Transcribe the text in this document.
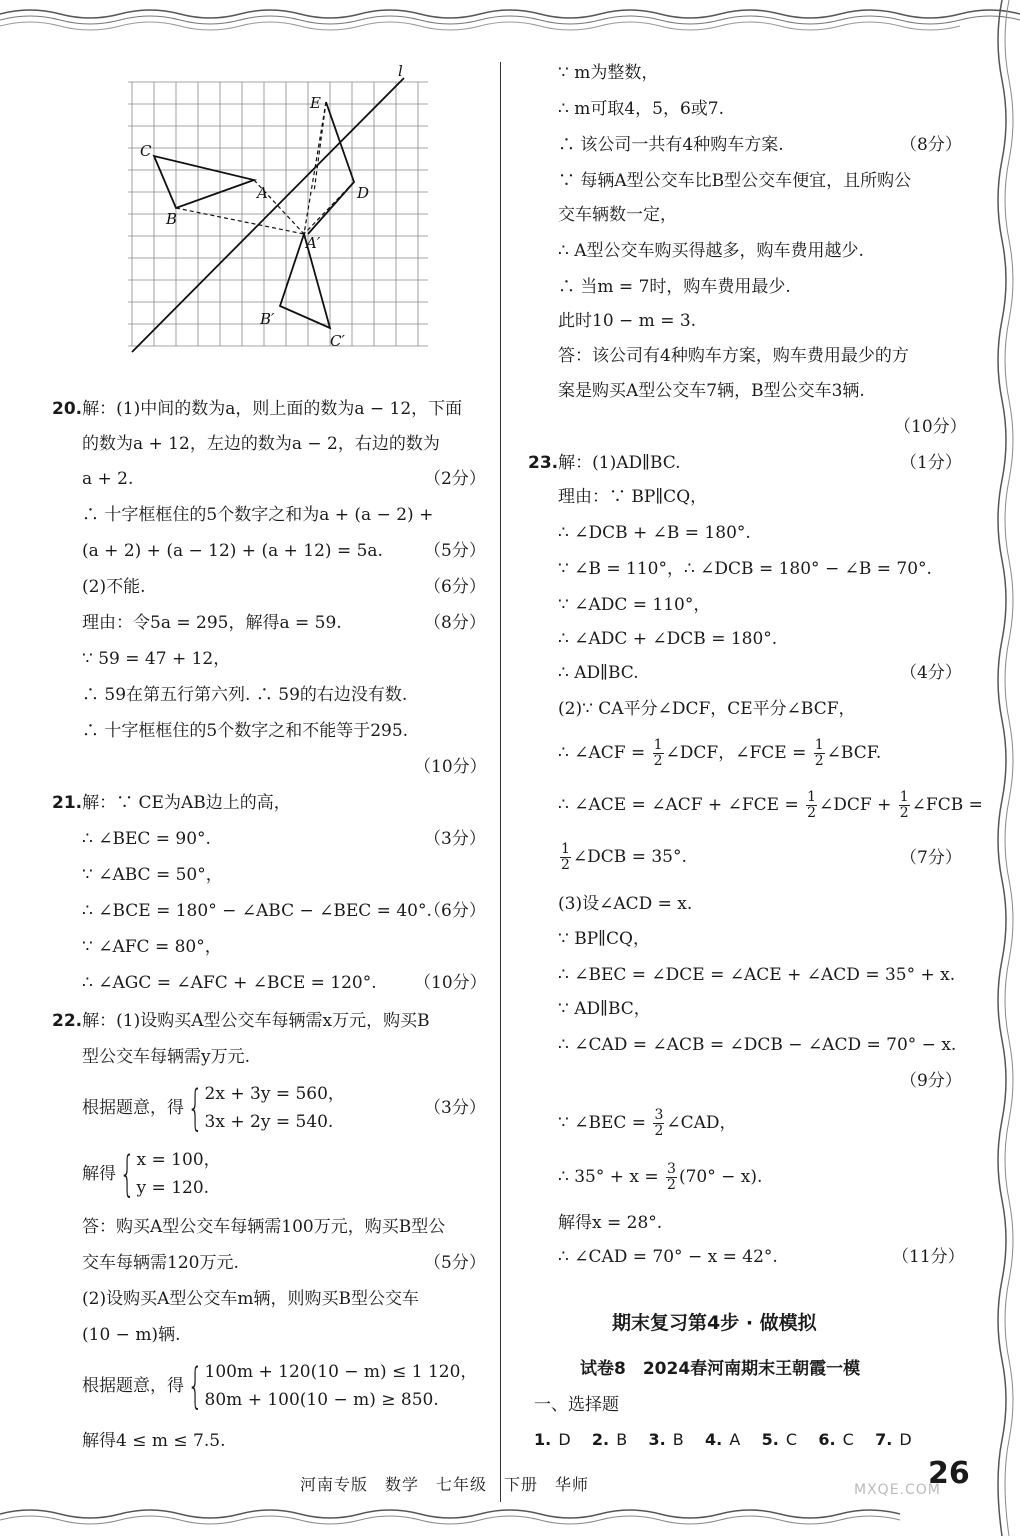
l
E
C
A	D
B
A′
B′
C′
20.解：(1)中间的数为a，则上面的数为a − 12，下面
的数为a + 12，左边的数为a − 2，右边的数为
a + 2.	（2分）
∴ 十字框框住的5个数字之和为a + (a − 2) +
(a + 2) + (a − 12) + (a + 12) = 5a. （5分）
(2)不能.	（6分）
理由：令5a = 295，解得a = 59.	（8分）
∵ 59 = 47 + 12，
∴ 59在第五行第六列. ∴ 59的右边没有数.
∴ 十字框框住的5个数字之和不能等于295.
（10分）
21.解：∵ CE为AB边上的高，
∴ ∠BEC = 90°.	（3分）
∵ ∠ABC = 50°，
∴ ∠BCE = 180° − ∠ABC − ∠BEC = 40°.
（6分）
∵ ∠AFC = 80°，
∴ ∠AGC = ∠AFC + ∠BCE = 120°. （10分）
22.解：(1)设购买A型公交车每辆需x万元，购买B
型公交车每辆需y万元.
根据题意，得{2x + 3y = 560，
3x + 2y = 540.
（3分）
解得{x = 100，
y = 120.
答：购买A型公交车每辆需100万元，购买B型公
交车每辆需120万元.	（5分）
(2)设购买A型公交车m辆，则购买B型公交车
(10 − m)辆.
根据题意，得{100m + 120(10 − m) ≤ 1 120，
80m + 100(10 − m) ≥ 850.
解得4 ≤ m ≤ 7.5.
∵ m为整数，
∴ m可取4，5，6或7.
∴ 该公司一共有4种购车方案.	（8分）
∵ 每辆A型公交车比B型公交车便宜，且所购公
交车辆数一定，
∴ A型公交车购买得越多，购车费用越少.
∴ 当m = 7时，购车费用最少.
此时10 − m = 3.
答：该公司有4种购车方案，购车费用最少的方
案是购买A型公交车7辆，B型公交车3辆.
（10分）
23.解：(1)AD∥BC.	（1分）
理由：∵ BP∥CQ，
∴ ∠DCB + ∠B = 180°.
∵ ∠B = 110°，∴ ∠DCB = 180° − ∠B = 70°.
∵ ∠ADC = 110°，
∴ ∠ADC + ∠DCB = 180°.
∴ AD∥BC.	（4分）
(2)∵ CA平分∠DCF，CE平分∠BCF，
∴ ∠ACF = $\frac{1}{2}$ ∠DCF，∠FCE = $\frac{1}{2}$ ∠BCF.
∴ ∠ACE = ∠ACF + ∠FCE = $\frac{1}{2}$ ∠DCF + $\frac{1}{2}$ ∠FCB =
$\frac{1}{2}$ ∠DCB = 35°.	（7分）
(3)设∠ACD = x.
∵ BP∥CQ，
∴ ∠BEC = ∠DCE = ∠ACE + ∠ACD = 35° + x.
∵ AD∥BC，
∴ ∠CAD = ∠ACB = ∠DCB − ∠ACD = 70° − x.
（9分）
∵ ∠BEC = $\frac{3}{2}$ ∠CAD，
∴ $35^\circ + x = \frac{3}{2} (70^\circ - x)$.
解得x = 28°.
∴ ∠CAD = 70° − x = 42°.	（11分）
期末复习第4步 · 做模拟
试卷8　2024春河南期末王朝霞一模
一、选择题
1. D 2. B 3. B 4. A 5. C 6. C 7. D
河南专版　数学　七年级　下册　华师	26
MXQE.COM
